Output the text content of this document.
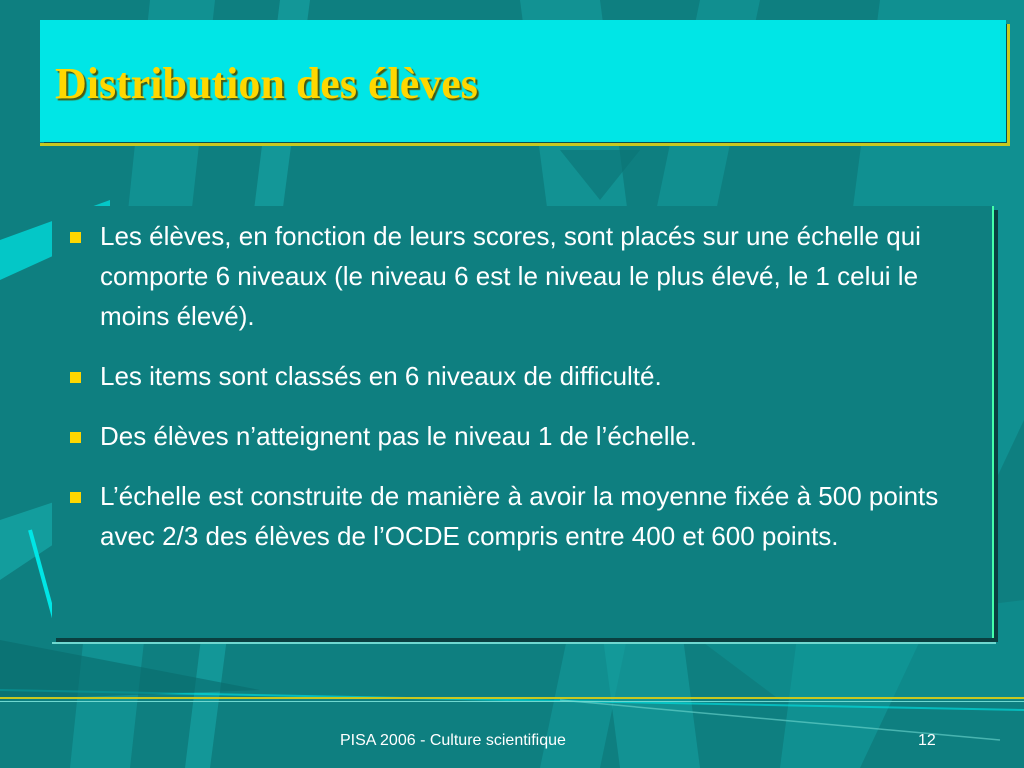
Distribution des élèves
Les élèves, en fonction de leurs scores, sont placés sur une échelle qui comporte 6 niveaux (le niveau 6 est le niveau le plus élevé, le 1 celui le moins élevé).
Les items sont classés en 6 niveaux de difficulté.
Des élèves n’atteignent pas le niveau 1 de l’échelle.
L’échelle est construite de manière à avoir la moyenne fixée à 500 points avec 2/3 des élèves de l’OCDE compris entre 400 et 600 points.
PISA 2006 - Culture scientifique	12
